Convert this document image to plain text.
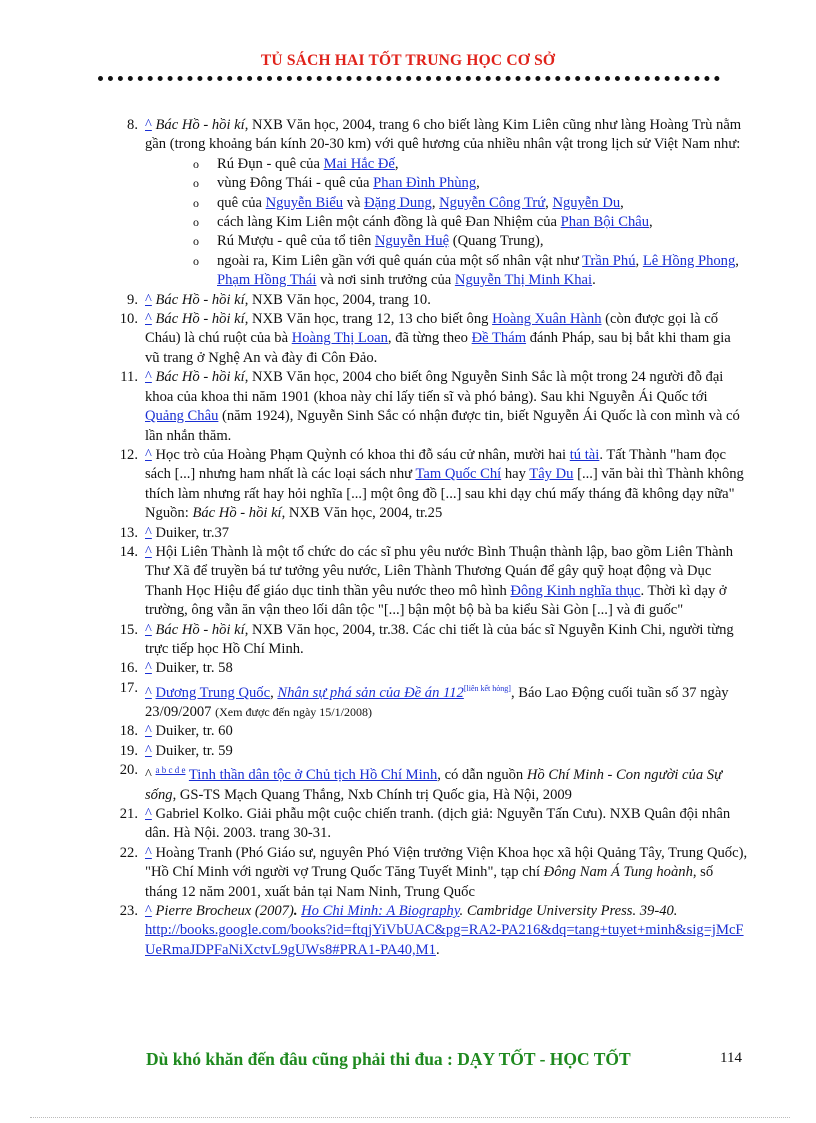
TỦ SÁCH HAI TỐT TRUNG HỌC CƠ SỞ
8. ^ Bác Hồ - hồi kí, NXB Văn học, 2004, trang 6 cho biết làng Kim Liên cũng như làng Hoàng Trù nằm gần (trong khoảng bán kính 20-30 km) với quê hương của nhiều nhân vật trong lịch sử Việt Nam như:
o Rú Đụn - quê của Mai Hắc Đế,
o vùng Đông Thái - quê của Phan Đình Phùng,
o quê của Nguyễn Biểu và Đặng Dung, Nguyễn Công Trứ, Nguyễn Du,
o cách làng Kim Liên một cánh đồng là quê Đan Nhiệm của Phan Bội Châu,
o Rú Mượu - quê của tổ tiên Nguyễn Huệ (Quang Trung),
o ngoài ra, Kim Liên gần với quê quán của một số nhân vật như Trần Phú, Lê Hồng Phong, Phạm Hồng Thái và nơi sinh trưởng của Nguyễn Thị Minh Khai.
9. ^ Bác Hồ - hồi kí, NXB Văn học, 2004, trang 10.
10. ^ Bác Hồ - hồi kí, NXB Văn học, trang 12, 13 cho biết ông Hoàng Xuân Hành (còn được gọi là cố Cháu) là chú ruột của bà Hoàng Thị Loan, đã từng theo Đề Thám đánh Pháp, sau bị bắt khi tham gia vũ trang ở Nghệ An và đày đi Côn Đảo.
11. ^ Bác Hồ - hồi kí, NXB Văn học, 2004 cho biết ông Nguyễn Sinh Sắc là một trong 24 người đỗ đại khoa của khoa thi năm 1901 (khoa này chỉ lấy tiến sĩ và phó bảng). Sau khi Nguyễn Ái Quốc tới Quảng Châu (năm 1924), Nguyễn Sinh Sắc có nhận được tin, biết Nguyễn Ái Quốc là con mình và có lần nhắn thăm.
12. ^ Học trò của Hoàng Phạm Quỳnh có khoa thi đỗ sáu cử nhân, mười hai tú tài. Tất Thành "ham đọc sách [...] nhưng ham nhất là các loại sách như Tam Quốc Chí hay Tây Du [...] văn bài thì Thành không thích làm nhưng rất hay hỏi nghĩa [...] một ông đồ [...] sau khi dạy chú mấy tháng đã không dạy nữa"
Nguồn: Bác Hồ - hồi kí, NXB Văn học, 2004, tr.25
13. ^ Duiker, tr.37
14. ^ Hội Liên Thành là một tổ chức do các sĩ phu yêu nước Bình Thuận thành lập, bao gồm Liên Thành Thư Xã để truyền bá tư tưởng yêu nước, Liên Thành Thương Quán để gây quỹ hoạt động và Dục Thanh Học Hiệu để giáo dục tinh thần yêu nước theo mô hình Đông Kinh nghĩa thục. Thời kì dạy ở trường, ông vẫn ăn vận theo lối dân tộc "[...] bận một bộ bà ba kiểu Sài Gòn [...] và đi guốc"
15. ^ Bác Hồ - hồi kí, NXB Văn học, 2004, tr.38. Các chi tiết là của bác sĩ Nguyễn Kinh Chi, người từng trực tiếp học Hồ Chí Minh.
16. ^ Duiker, tr. 58
17. ^ Dương Trung Quốc, Nhân sự phá sản của Đề án 112[liên kết hỏng], Báo Lao Động cuối tuần số 37 ngày 23/09/2007 (Xem được đến ngày 15/1/2008)
18. ^ Duiker, tr. 60
19. ^ Duiker, tr. 59
20. ^ $^{a b c d e}$ Tinh thần dân tộc ở Chủ tịch Hồ Chí Minh, có dẫn nguồn Hồ Chí Minh - Con người của Sự sống, GS-TS Mạch Quang Thắng, Nxb Chính trị Quốc gia, Hà Nội, 2009
21. ^ Gabriel Kolko. Giải phẫu một cuộc chiến tranh. (dịch giả: Nguyễn Tấn Cưu). NXB Quân đội nhân dân. Hà Nội. 2003. trang 30-31.
22. ^ Hoàng Tranh (Phó Giáo sư, nguyên Phó Viện trưởng Viện Khoa học xã hội Quảng Tây, Trung Quốc), "Hồ Chí Minh với người vợ Trung Quốc Tăng Tuyết Minh", tạp chí Đông Nam Á Tung hoành, số tháng 12 năm 2001, xuất bản tại Nam Ninh, Trung Quốc
23. ^ Pierre Brocheux (2007). Ho Chi Minh: A Biography. Cambridge University Press. 39-40.
http://books.google.com/books?id=ftqjYiVbUAC&pg=RA2-PA216&dq=tang+tuyet+minh&sig=jMcFUeRmaJDPFaNiXctvL9gUWs8#PRA1-PA40,M1.
Dù khó khăn đến đâu cũng phải thi đua : DẠY TỐT - HỌC TỐT	114
